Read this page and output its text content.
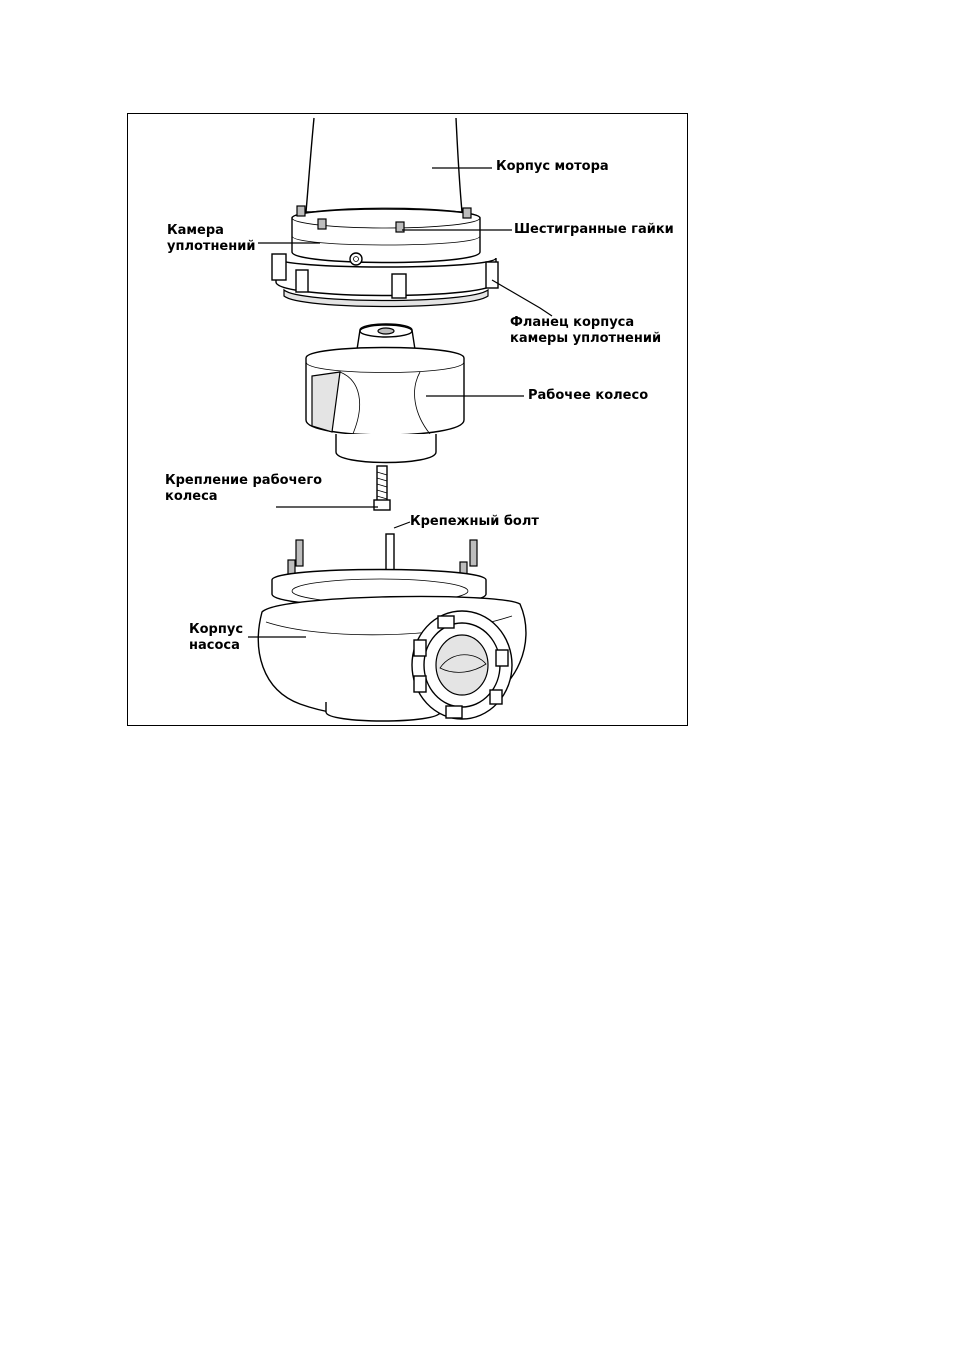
Корпус мотора
Камера
уплотнений
Шестигранные гайки
Фланец корпуса
камеры уплотнений
Рабочее колесо
Крепление рабочего
колеса
Крепежный болт
Корпус
насоса
